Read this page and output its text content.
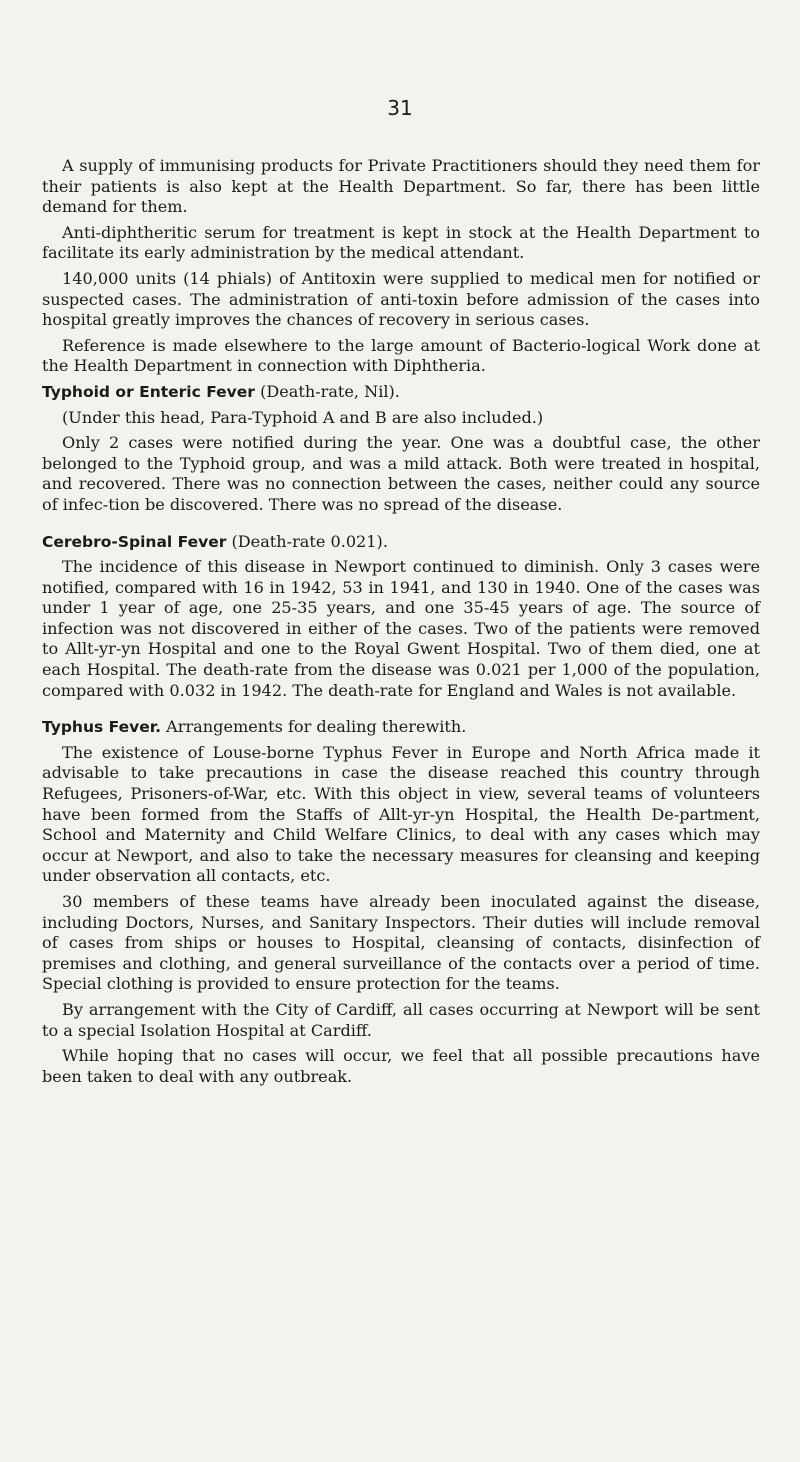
31

A supply of immunising products for Private Practitioners should they need them for their patients is also kept at the Health Department. So far, there has been little demand for them.

Anti-diphtheritic serum for treatment is kept in stock at the Health Department to facilitate its early administration by the medical attendant.

140,000 units (14 phials) of Antitoxin were supplied to medical men for notified or suspected cases. The administration of anti-toxin before admission of the cases into hospital greatly improves the chances of recovery in serious cases.

Reference is made elsewhere to the large amount of Bacterio-logical Work done at the Health Department in connection with Diphtheria.

Typhoid or Enteric Fever (Death-rate, Nil).

(Under this head, Para-Typhoid A and B are also included.)

Only 2 cases were notified during the year. One was a doubtful case, the other belonged to the Typhoid group, and was a mild attack. Both were treated in hospital, and recovered. There was no connection between the cases, neither could any source of infec-tion be discovered. There was no spread of the disease.

Cerebro-Spinal Fever (Death-rate 0.021).

The incidence of this disease in Newport continued to diminish. Only 3 cases were notified, compared with 16 in 1942, 53 in 1941, and 130 in 1940. One of the cases was under 1 year of age, one 25-35 years, and one 35-45 years of age. The source of infection was not discovered in either of the cases. Two of the patients were removed to Allt-yr-yn Hospital and one to the Royal Gwent Hospital. Two of them died, one at each Hospital. The death-rate from the disease was 0.021 per 1,000 of the population, compared with 0.032 in 1942. The death-rate for England and Wales is not available.

Typhus Fever. Arrangements for dealing therewith.

The existence of Louse-borne Typhus Fever in Europe and North Africa made it advisable to take precautions in case the disease reached this country through Refugees, Prisoners-of-War, etc. With this object in view, several teams of volunteers have been formed from the Staffs of Allt-yr-yn Hospital, the Health De-partment, School and Maternity and Child Welfare Clinics, to deal with any cases which may occur at Newport, and also to take the necessary measures for cleansing and keeping under observation all contacts, etc.

30 members of these teams have already been inoculated against the disease, including Doctors, Nurses, and Sanitary Inspectors. Their duties will include removal of cases from ships or houses to Hospital, cleansing of contacts, disinfection of premises and clothing, and general surveillance of the contacts over a period of time. Special clothing is provided to ensure protection for the teams.

By arrangement with the City of Cardiff, all cases occurring at Newport will be sent to a special Isolation Hospital at Cardiff.

While hoping that no cases will occur, we feel that all possible precautions have been taken to deal with any outbreak.
